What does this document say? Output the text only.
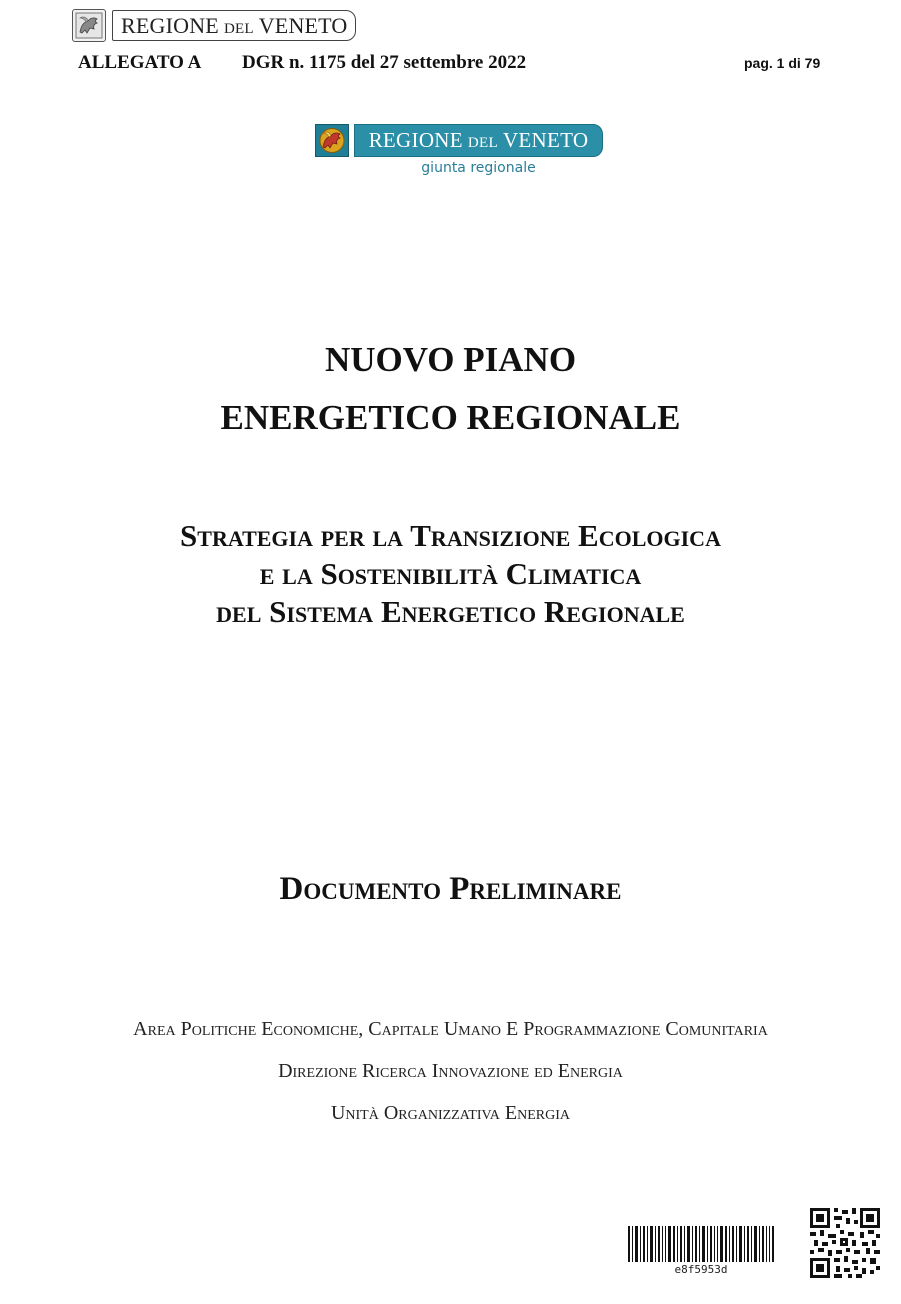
REGIONE del VENETO
ALLEGATO A DGR n. 1175 del 27 settembre 2022	pag. 1 di 79
REGIONE del VENETO
giunta regionale
NUOVO PIANO
ENERGETICO REGIONALE
Strategia per la Transizione Ecologica
e la Sostenibilità Climatica
del Sistema Energetico Regionale
Documento Preliminare
Area Politiche Economiche, Capitale Umano E Programmazione Comunitaria
Direzione Ricerca Innovazione ed Energia
Unità Organizzativa Energia
e8f5953d
